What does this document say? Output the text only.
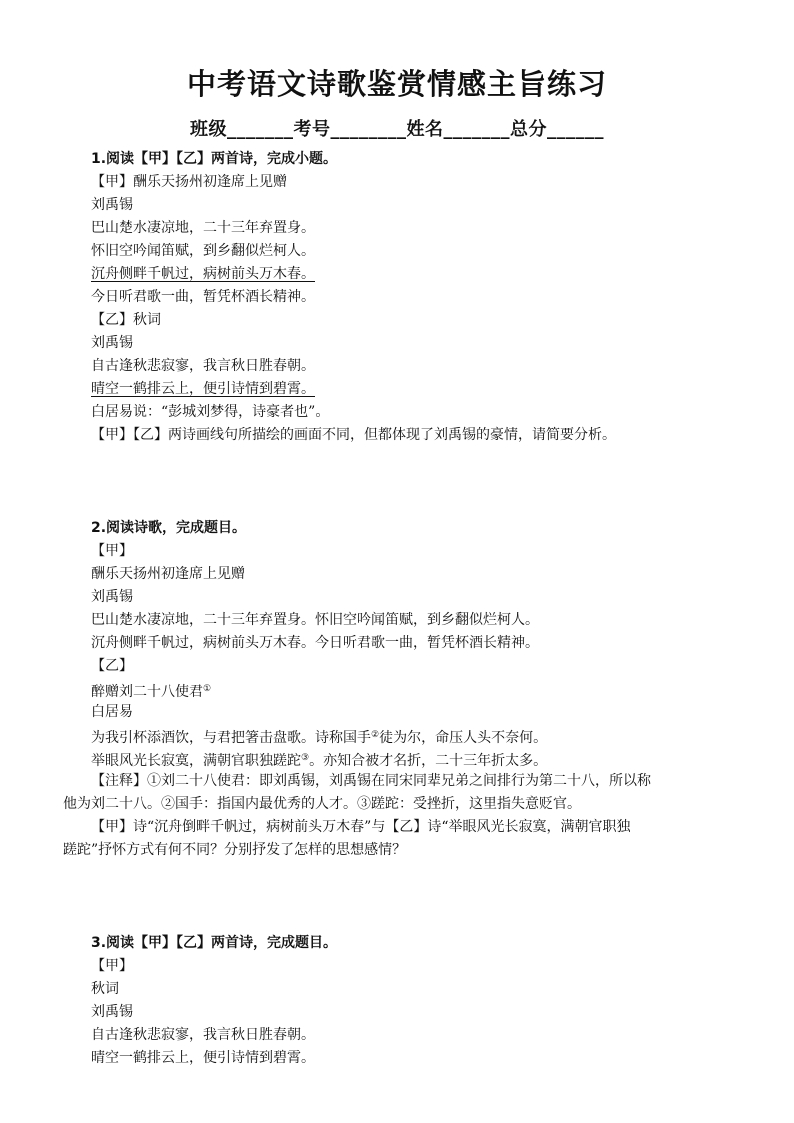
中考语文诗歌鉴赏情感主旨练习
班级_______考号________姓名_______总分______
1.阅读【甲】【乙】两首诗，完成小题。
【甲】酬乐天扬州初逢席上见赠
刘禹锡
巴山楚水凄凉地，二十三年弃置身。
怀旧空吟闻笛赋，到乡翻似烂柯人。
沉舟侧畔千帆过，病树前头万木春。
今日听君歌一曲，暂凭杯酒长精神。
【乙】秋词
刘禹锡
自古逢秋悲寂寥，我言秋日胜春朝。
晴空一鹤排云上，便引诗情到碧霄。
白居易说：“彭城刘梦得，诗豪者也”。
【甲】【乙】两诗画线句所描绘的画面不同，但都体现了刘禹锡的豪情，请简要分析。
2.阅读诗歌，完成题目。
【甲】
酬乐天扬州初逢席上见赠
刘禹锡
巴山楚水凄凉地，二十三年弃置身。怀旧空吟闻笛赋，到乡翻似烂柯人。
沉舟侧畔千帆过，病树前头万木春。今日听君歌一曲，暂凭杯酒长精神。
【乙】
醉赠刘二十八使君①
白居易
为我引杯添酒饮，与君把箸击盘歌。诗称国手②徒为尔，命压人头不奈何。
举眼风光长寂寞，满朝官职独蹉跎③。亦知合被才名折，二十三年折太多。
【注释】①刘二十八使君：即刘禹锡，刘禹锡在同宋同辈兄弟之间排行为第二十八，所以称
他为刘二十八。②国手：指国内最优秀的人才。③蹉跎：受挫折，这里指失意贬官。
【甲】诗“沉舟倒畔千帆过，病树前头万木春”与【乙】诗“举眼风光长寂寞，满朝官职独
蹉跎”抒怀方式有何不同？分别抒发了怎样的思想感情？
3.阅读【甲】【乙】两首诗，完成题目。
【甲】
秋词
刘禹锡
自古逢秋悲寂寥，我言秋日胜春朝。
晴空一鹤排云上，便引诗情到碧霄。
